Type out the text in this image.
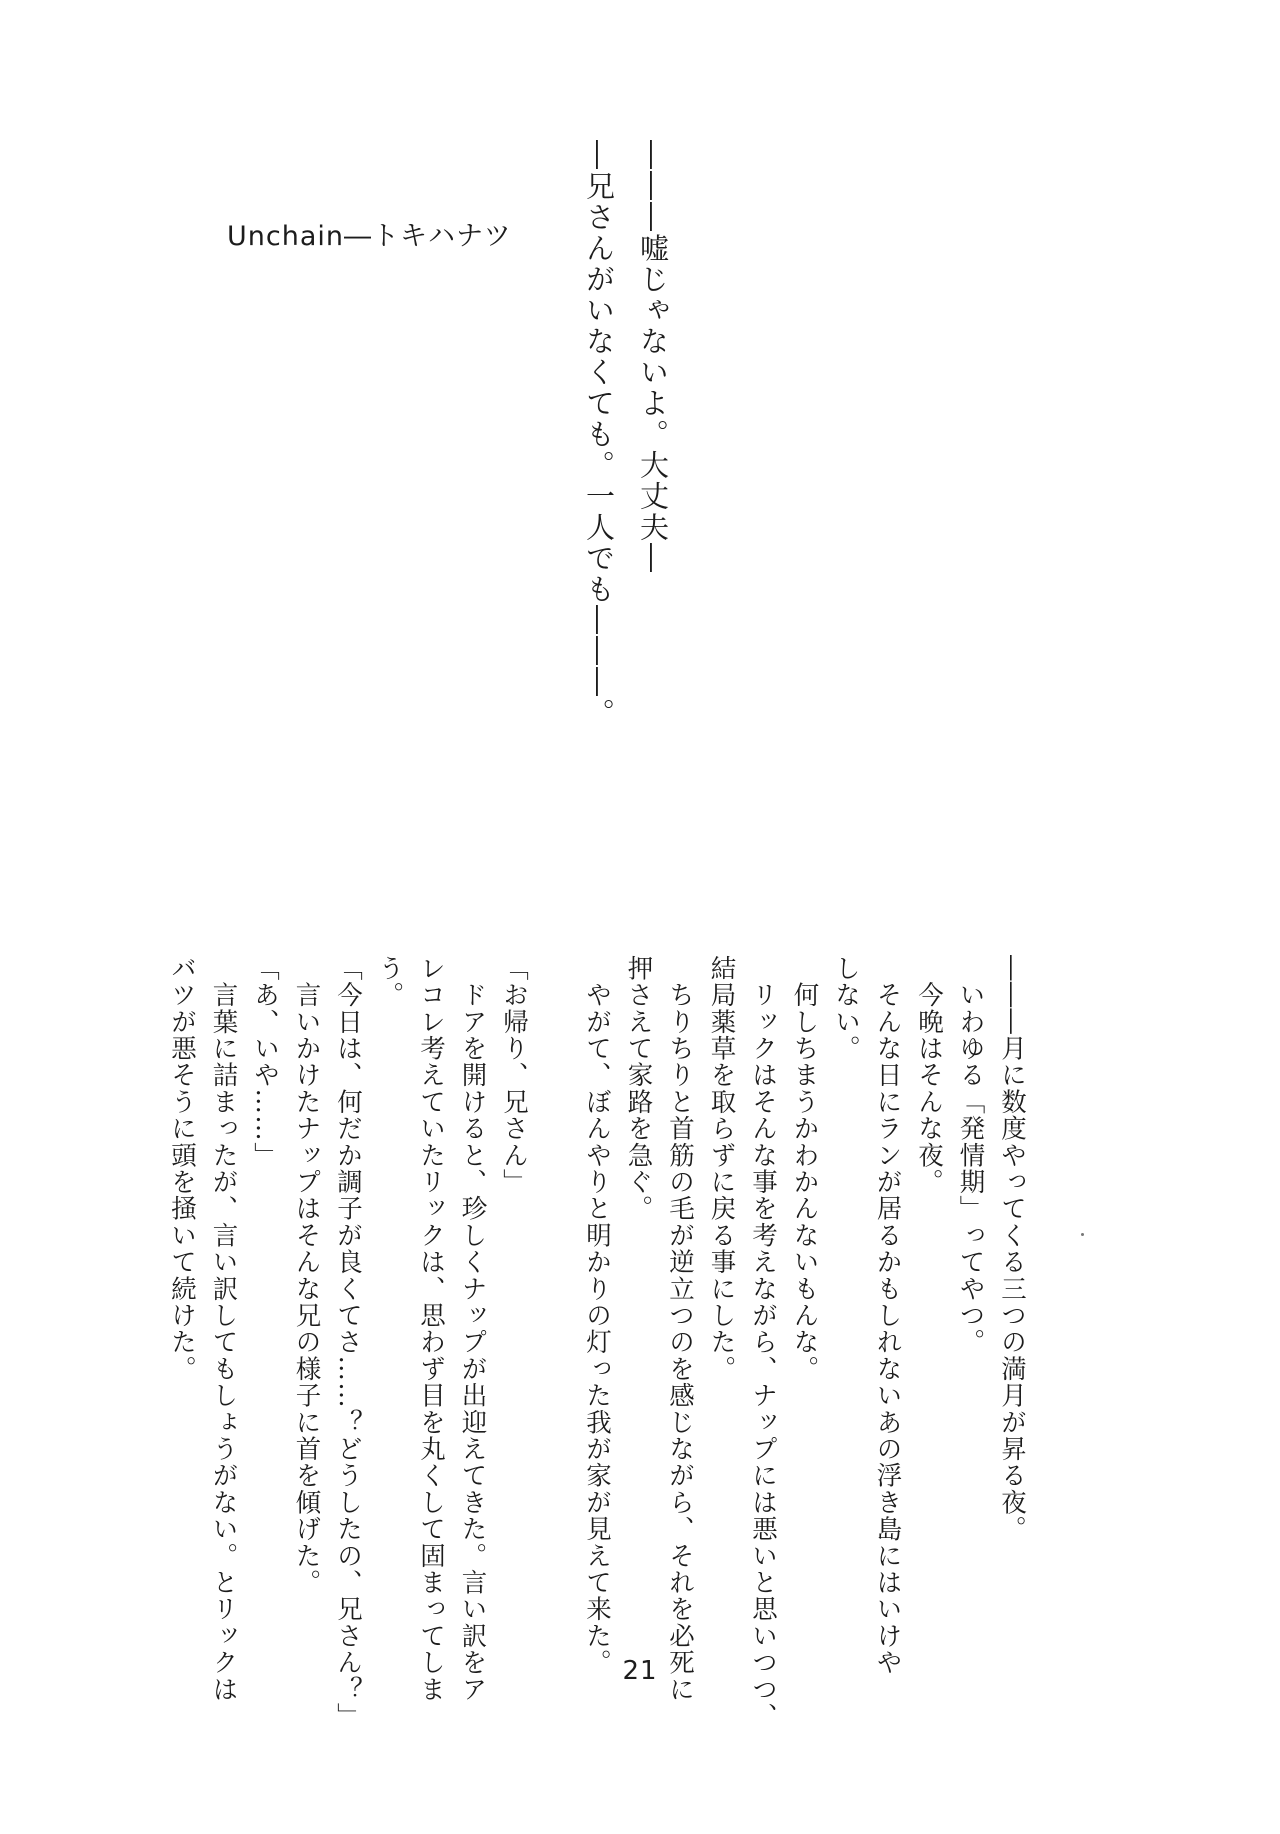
Unchain―トキハナツ	―――嘘じゃないよ。大丈夫―
―兄さんがいなくても。一人でも―――。
―――月に数度やってくる三つの満月が昇る夜。
　いわゆる「発情期」ってやつ。
　今晩はそんな夜。
　そんな日にランが居るかもしれないあの浮き島にはいけや
しない。
　何しちまうかわかんないもんな。
　リックはそんな事を考えながら、ナップには悪いと思いつつ、
結局薬草を取らずに戻る事にした。
　ちりちりと首筋の毛が逆立つのを感じながら、それを必死に
押さえて家路を急ぐ。
　やがて、ぼんやりと明かりの灯った我が家が見えて来た。
「お帰り、兄さん」
　ドアを開けると、珍しくナップが出迎えてきた。言い訳をア
レコレ考えていたリックは、思わず目を丸くして固まってしま
う。
「今日は、何だか調子が良くてさ……？どうしたの、兄さん？」
　言いかけたナップはそんな兄の様子に首を傾げた。
「あ、いや……」
　言葉に詰まったが、言い訳してもしょうがない。とリックは
バツが悪そうに頭を掻いて続けた。
21
